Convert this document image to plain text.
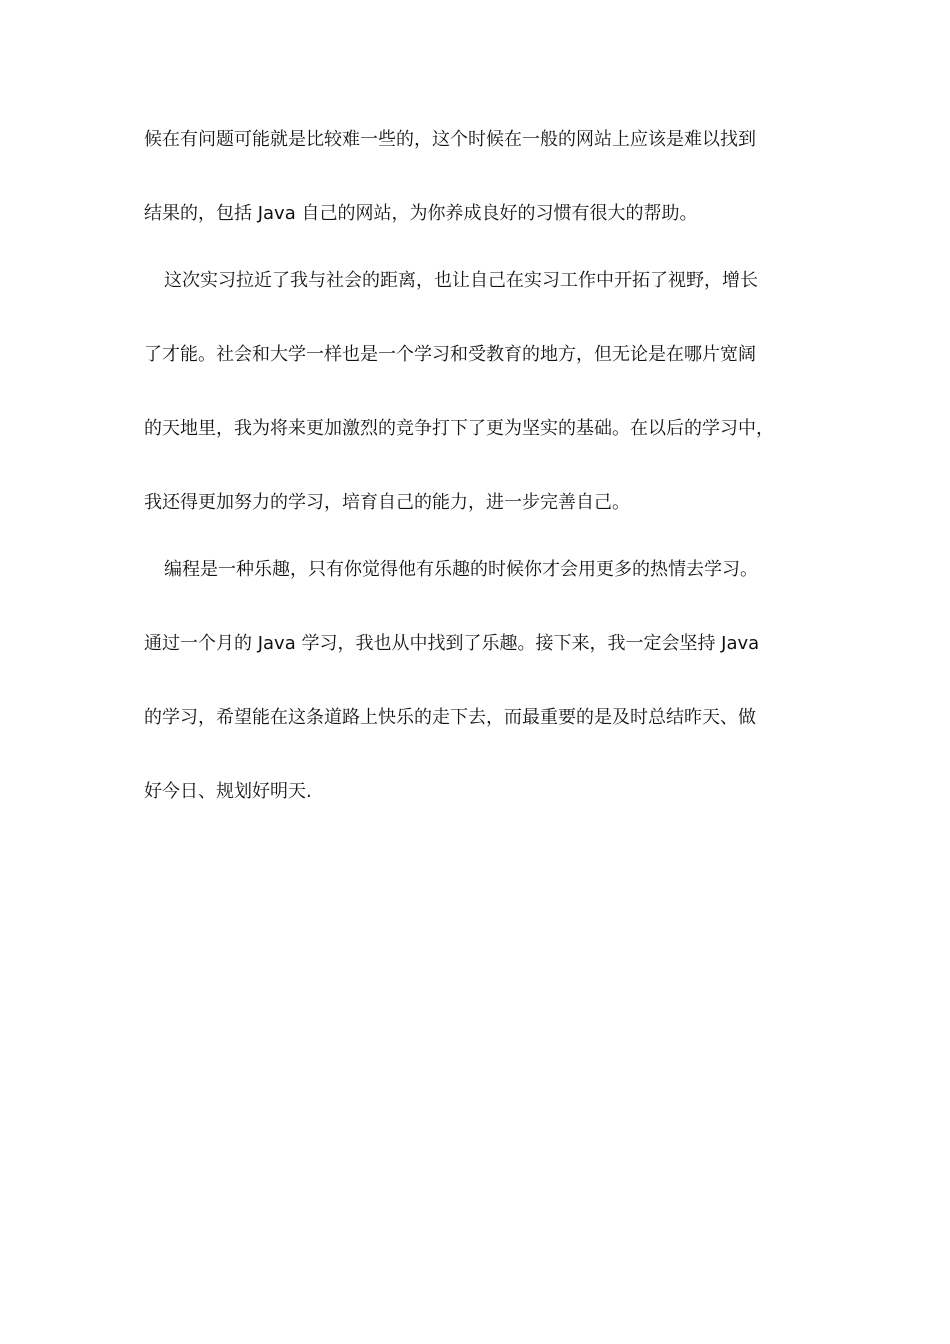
候在有问题可能就是比较难一些的，这个时候在一般的网站上应该是难以找到

结果的，包括 Java 自己的网站，为你养成良好的习惯有很大的帮助。

这次实习拉近了我与社会的距离，也让自己在实习工作中开拓了视野，增长

了才能。社会和大学一样也是一个学习和受教育的地方，但无论是在哪片宽阔

的天地里，我为将来更加激烈的竞争打下了更为坚实的基础。在以后的学习中，

我还得更加努力的学习，培育自己的能力，进一步完善自己。

编程是一种乐趣，只有你觉得他有乐趣的时候你才会用更多的热情去学习。

通过一个月的 Java 学习，我也从中找到了乐趣。接下来，我一定会坚持 Java

的学习，希望能在这条道路上快乐的走下去，而最重要的是及时总结昨天、做

好今日、规划好明天.
